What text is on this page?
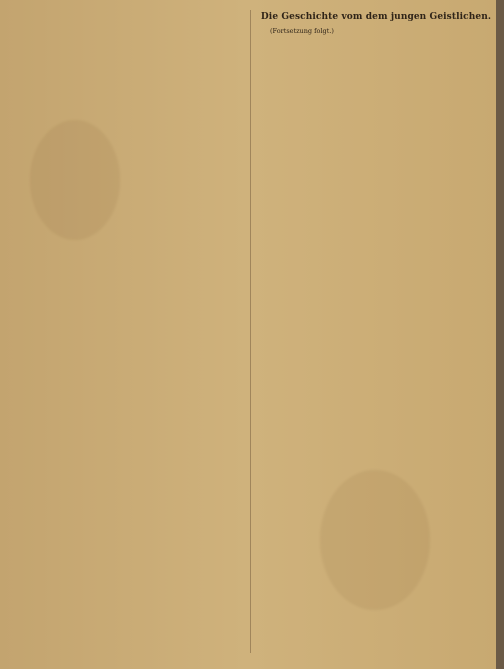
Die Geschichte vom dem jungen Geistlichen.

(Fortsetzung folgt.)
